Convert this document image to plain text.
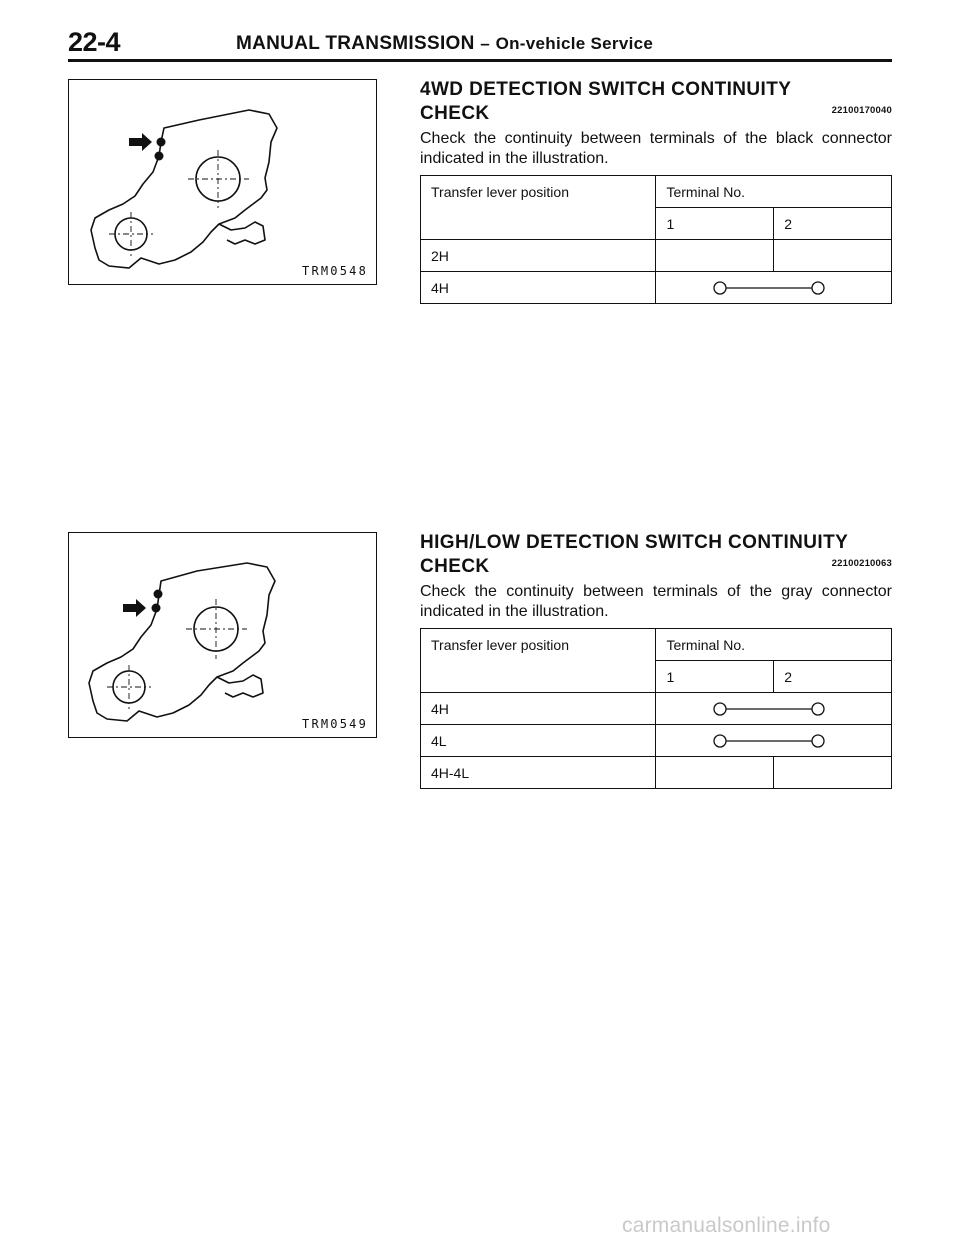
22-4	MANUAL TRANSMISSION – On-vehicle Service
TRM0548
4WD DETECTION SWITCH CONTINUITY
CHECK	22100170040
Check the continuity between terminals of the black connector indicated in the illustration.
Transfer lever position	Terminal No.	
	1	2
2H		
4H	
TRM0549
HIGH/LOW DETECTION SWITCH CONTINUITY
CHECK	22100210063
Check the continuity between terminals of the gray connector indicated in the illustration.
Transfer lever position	Terminal No.	
	1	2
4H	

4L	

4H-4L		
carmanualsonline.info
